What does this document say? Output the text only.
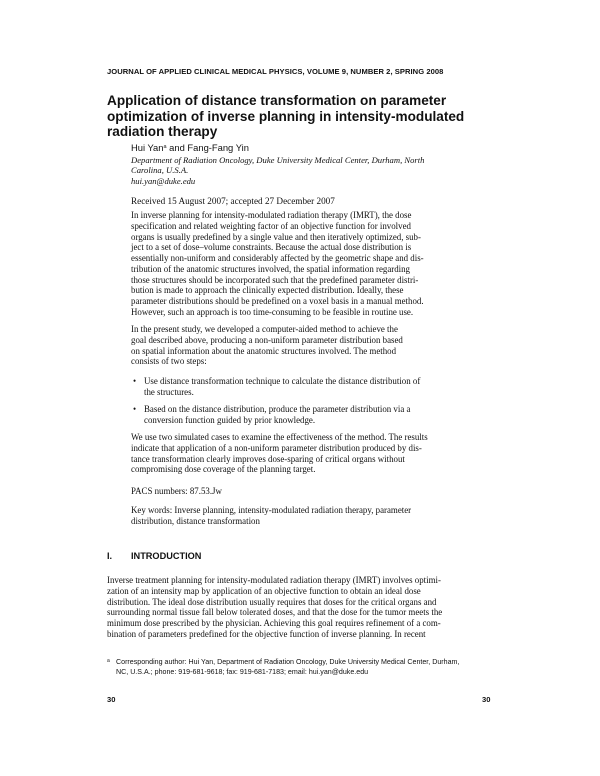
JOURNAL OF APPLIED CLINICAL MEDICAL PHYSICS, VOLUME 9, NUMBER 2, SPRING 2008
Application of distance transformation on parameter
optimization of inverse planning in intensity-modulated
radiation therapy
Hui Yan$^a$ and Fang-Fang Yin
Department of Radiation Oncology, Duke University Medical Center, Durham, North
Carolina, U.S.A.
hui.yan@duke.edu
Received 15 August 2007; accepted 27 December 2007

In inverse planning for intensity-modulated radiation therapy (IMRT), the dose
specification and related weighting factor of an objective function for involved
organs is usually predefined by a single value and then iteratively optimized, sub-
ject to a set of dose–volume constraints. Because the actual dose distribution is
essentially non-uniform and considerably affected by the geometric shape and dis-
tribution of the anatomic structures involved, the spatial information regarding
those structures should be incorporated such that the predefined parameter distri-
bution is made to approach the clinically expected distribution. Ideally, these
parameter distributions should be predefined on a voxel basis in a manual method.
However, such an approach is too time-consuming to be feasible in routine use.

In the present study, we developed a computer-aided method to achieve the
goal described above, producing a non-uniform parameter distribution based
on spatial information about the anatomic structures involved. The method
consists of two steps:

• Use distance transformation technique to calculate the distance distribution of
the structures.
• Based on the distance distribution, produce the parameter distribution via a
conversion function guided by prior knowledge.

We use two simulated cases to examine the effectiveness of the method. The results
indicate that application of a non-uniform parameter distribution produced by dis-
tance transformation clearly improves dose-sparing of critical organs without
compromising dose coverage of the planning target.

PACS numbers: 87.53.Jw

Key words: Inverse planning, intensity-modulated radiation therapy, parameter
distribution, distance transformation

I. INTRODUCTION

Inverse treatment planning for intensity-modulated radiation therapy (IMRT) involves optimi-
zation of an intensity map by application of an objective function to obtain an ideal dose
distribution. The ideal dose distribution usually requires that doses for the critical organs and
surrounding normal tissue fall below tolerated doses, and that the dose for the tumor meets the
minimum dose prescribed by the physician. Achieving this goal requires refinement of a com-
bination of parameters predefined for the objective function of inverse planning. In recent

a Corresponding author: Hui Yan, Department of Radiation Oncology, Duke University Medical Center, Durham,
NC, U.S.A.; phone: 919-681-9618; fax: 919-681-7183; email: hui.yan@duke.edu
30	30
